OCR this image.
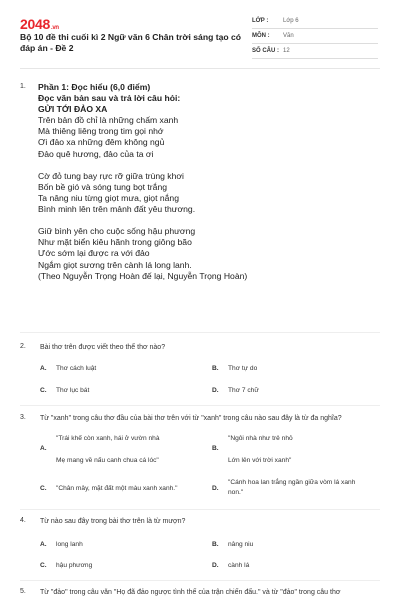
2048.vn
Bộ 10 đề thi cuối kì 2 Ngữ văn 6 Chân trời sáng tạo có đáp án - Đề 2
LỚP :	Lớp 6
MÔN :	Văn
SỐ CÂU : 12
1. Phần 1: Đọc hiểu (6,0 điểm)
Đọc văn bản sau và trả lời câu hỏi:
GỬI TỚI ĐẢO XA
Trên bản đồ chỉ là những chấm xanh
Mà thiêng liêng trong tim gọi nhớ
Ơi đảo xa những đêm không ngủ
Đảo quê hương, đảo của ta ơi
Cờ đỏ tung bay rực rỡ giữa trùng khơi
Bốn bề gió và sóng tung bọt trắng
Ta nâng niu từng giọt mưa, giọt nắng
Bình minh lên trên mảnh đất yêu thương.
Giữ bình yên cho cuộc sống hậu phương
Như mặt biển kiêu hãnh trong giông bão
Ước sớm lại được ra với đảo
Ngắm giọt sương trên cành lá long lanh.
(Theo Nguyễn Trọng Hoàn đế lại, Nguyễn Trọng Hoàn)
2. Bài thơ trên được viết theo thể thơ nào?
A. Thơ cách luật	B. Thơ tự do
C. Thơ lục bát	D. Thơ 7 chữ
3. Từ "xanh" trong câu thơ đầu của bài thơ trên với từ "xanh" trong câu nào sau đây là từ đa nghĩa?
A.
"Trái khế còn xanh, hái ở vườn nhà
Mẹ mang về nấu canh chua cá lóc"
B.
"Ngôi nhà như trẻ nhỏ
Lớn lên với trời xanh"
C. "Chân mây, mặt đất một màu xanh xanh."	D.
"Cánh hoa lan trắng ngần giữa vòm lá xanh
non."
4. Từ nào sau đây trong bài thơ trên là từ mượn?
A. long lanh	B. nâng niu
C. hậu phương	D. cành lá
5. Từ "đảo" trong câu văn "Họ đã đảo ngược tình thế của trận chiến đấu." và từ "đảo" trong câu thơ
